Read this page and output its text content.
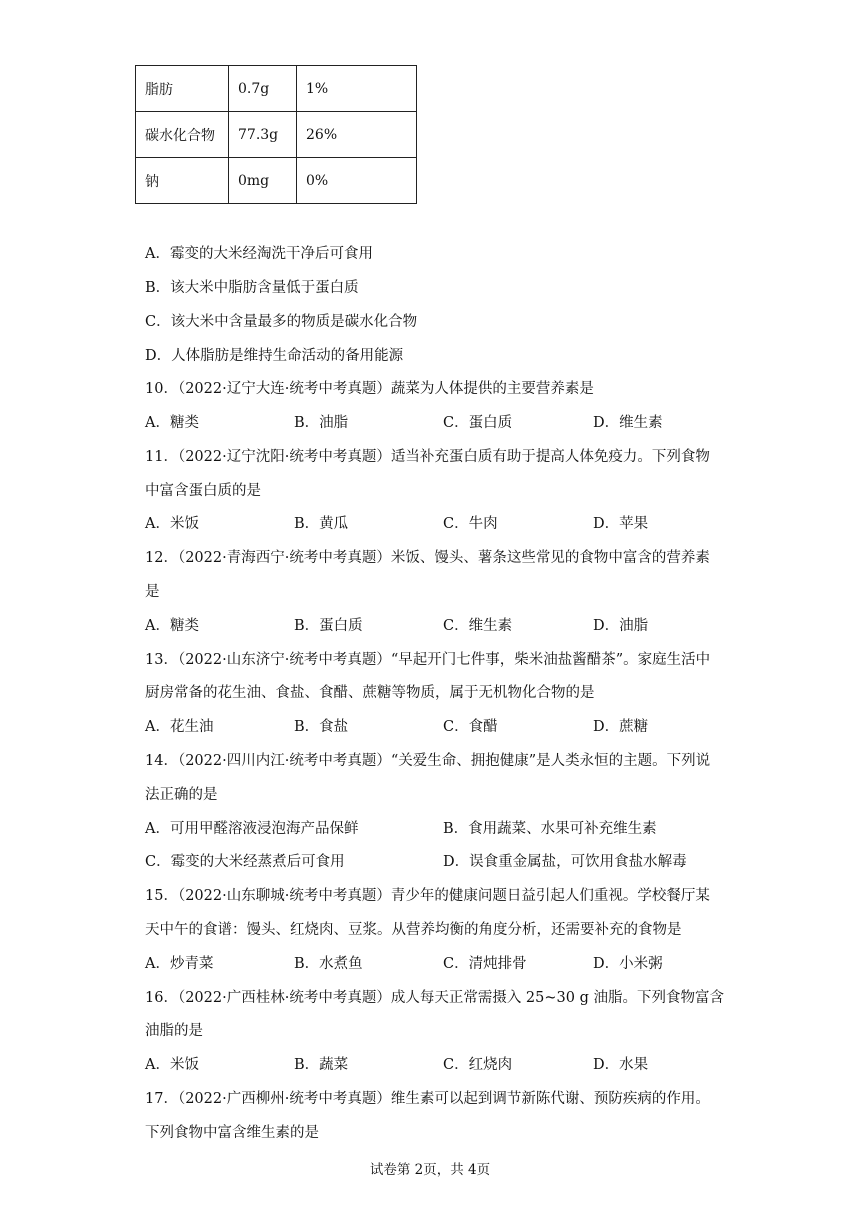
脂肪	0.7g	1%
碳水化合物	77.3g	26%
钠	0mg	0%
A．霉变的大米经淘洗干净后可食用
B．该大米中脂肪含量低于蛋白质
C．该大米中含量最多的物质是碳水化合物
D．人体脂肪是维持生命活动的备用能源
10．（2022·辽宁大连·统考中考真题）蔬菜为人体提供的主要营养素是
A．糖类	B．油脂	C．蛋白质	D．维生素
11．（2022·辽宁沈阳·统考中考真题）适当补充蛋白质有助于提高人体免疫力。下列食物
中富含蛋白质的是
A．米饭	B．黄瓜	C．牛肉	D．苹果
12．（2022·青海西宁·统考中考真题）米饭、馒头、薯条这些常见的食物中富含的营养素
是
A．糖类	B．蛋白质	C．维生素	D．油脂
13．（2022·山东济宁·统考中考真题）“早起开门七件事，柴米油盐酱醋茶”。家庭生活中
厨房常备的花生油、食盐、食醋、蔗糖等物质，属于无机物化合物的是
A．花生油	B．食盐	C．食醋	D．蔗糖
14．（2022·四川内江·统考中考真题）“关爱生命、拥抱健康”是人类永恒的主题。下列说
法正确的是
A．可用甲醛溶液浸泡海产品保鲜	B．食用蔬菜、水果可补充维生素
C．霉变的大米经蒸煮后可食用	D．误食重金属盐，可饮用食盐水解毒
15．（2022·山东聊城·统考中考真题）青少年的健康问题日益引起人们重视。学校餐厅某
天中午的食谱：馒头、红烧肉、豆浆。从营养均衡的角度分析，还需要补充的食物是
A．炒青菜	B．水煮鱼	C．清炖排骨	D．小米粥
16．（2022·广西桂林·统考中考真题）成人每天正常需摄入 25~30 g 油脂。下列食物富含
油脂的是
A．米饭	B．蔬菜	C．红烧肉	D．水果
17．（2022·广西柳州·统考中考真题）维生素可以起到调节新陈代谢、预防疾病的作用。
下列食物中富含维生素的是
试卷第 2页，共 4页
